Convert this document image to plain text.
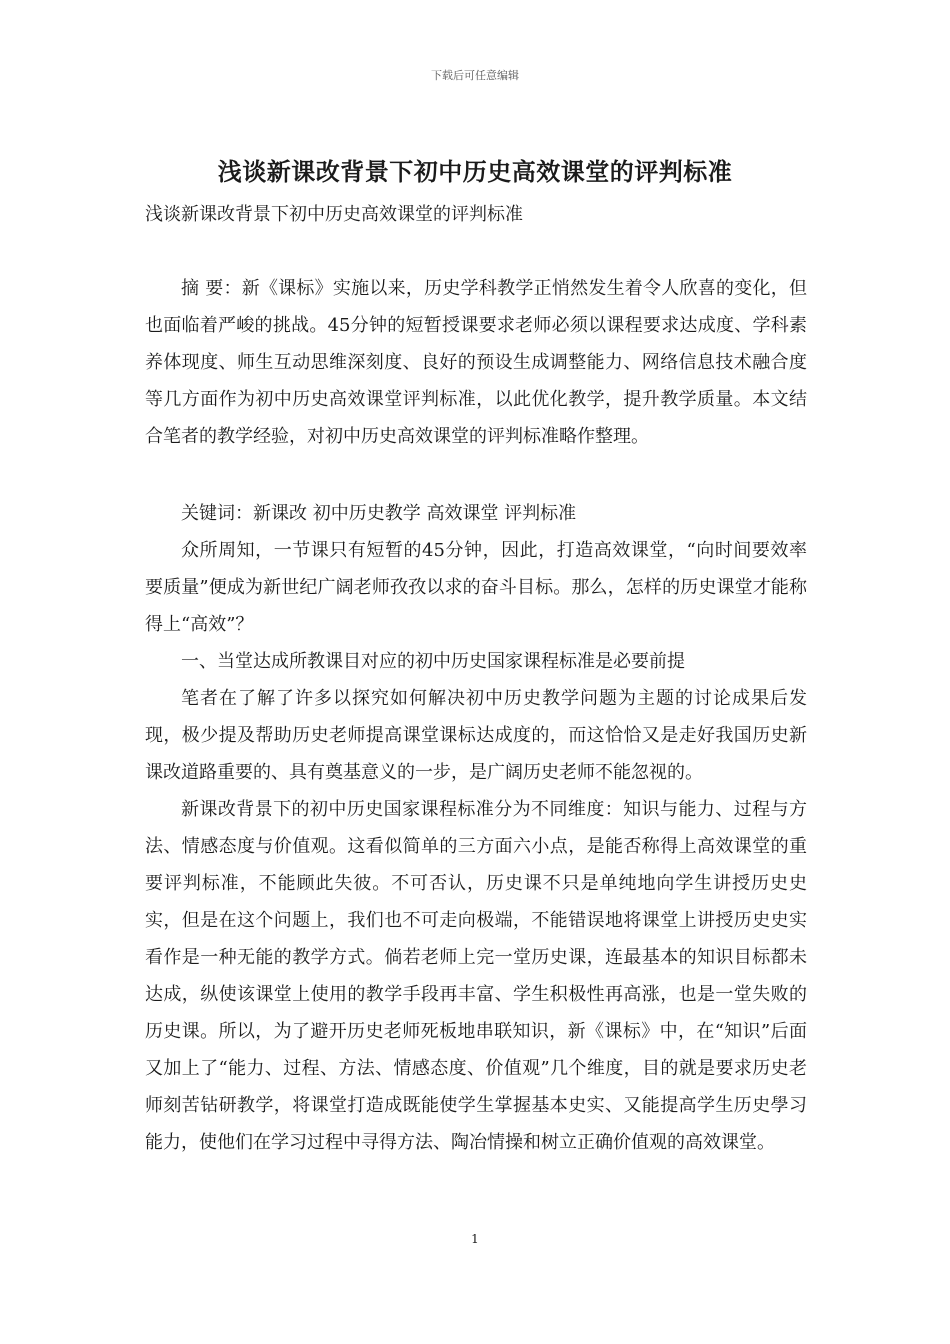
下载后可任意编辑
浅谈新课改背景下初中历史高效课堂的评判标准
浅谈新课改背景下初中历史高效课堂的评判标准

摘 要：新《课标》实施以来，历史学科教学正悄然发生着令人欣喜的变化，但也面临着严峻的挑战。45分钟的短暂授课要求老师必须以课程要求达成度、学科素养体现度、师生互动思维深刻度、良好的预设生成调整能力、网络信息技术融合度等几方面作为初中历史高效课堂评判标准，以此优化教学，提升教学质量。本文结合笔者的教学经验，对初中历史高效课堂的评判标准略作整理。

关键词：新课改 初中历史教学 高效课堂 评判标准

众所周知，一节课只有短暂的45分钟，因此，打造高效课堂，“向时间要效率要质量”便成为新世纪广阔老师孜孜以求的奋斗目标。那么，怎样的历史课堂才能称得上“高效”？

一、当堂达成所教课目对应的初中历史国家课程标准是必要前提

笔者在了解了许多以探究如何解决初中历史教学问题为主题的讨论成果后发现，极少提及帮助历史老师提高课堂课标达成度的，而这恰恰又是走好我国历史新课改道路重要的、具有奠基意义的一步，是广阔历史老师不能忽视的。

新课改背景下的初中历史国家课程标准分为不同维度：知识与能力、过程与方法、情感态度与价值观。这看似简单的三方面六小点，是能否称得上高效课堂的重要评判标准，不能顾此失彼。不可否认，历史课不只是单纯地向学生讲授历史史实，但是在这个问题上，我们也不可走向极端，不能错误地将课堂上讲授历史史实看作是一种无能的教学方式。倘若老师上完一堂历史课，连最基本的知识目标都未达成，纵使该课堂上使用的教学手段再丰富、学生积极性再高涨，也是一堂失败的历史课。所以，为了避开历史老师死板地串联知识，新《课标》中，在“知识”后面又加上了“能力、过程、方法、情感态度、价值观”几个维度，目的就是要求历史老师刻苦钻研教学，将课堂打造成既能使学生掌握基本史实、又能提高学生历史學习能力，使他们在学习过程中寻得方法、陶冶情操和树立正确价值观的高效课堂。

1
